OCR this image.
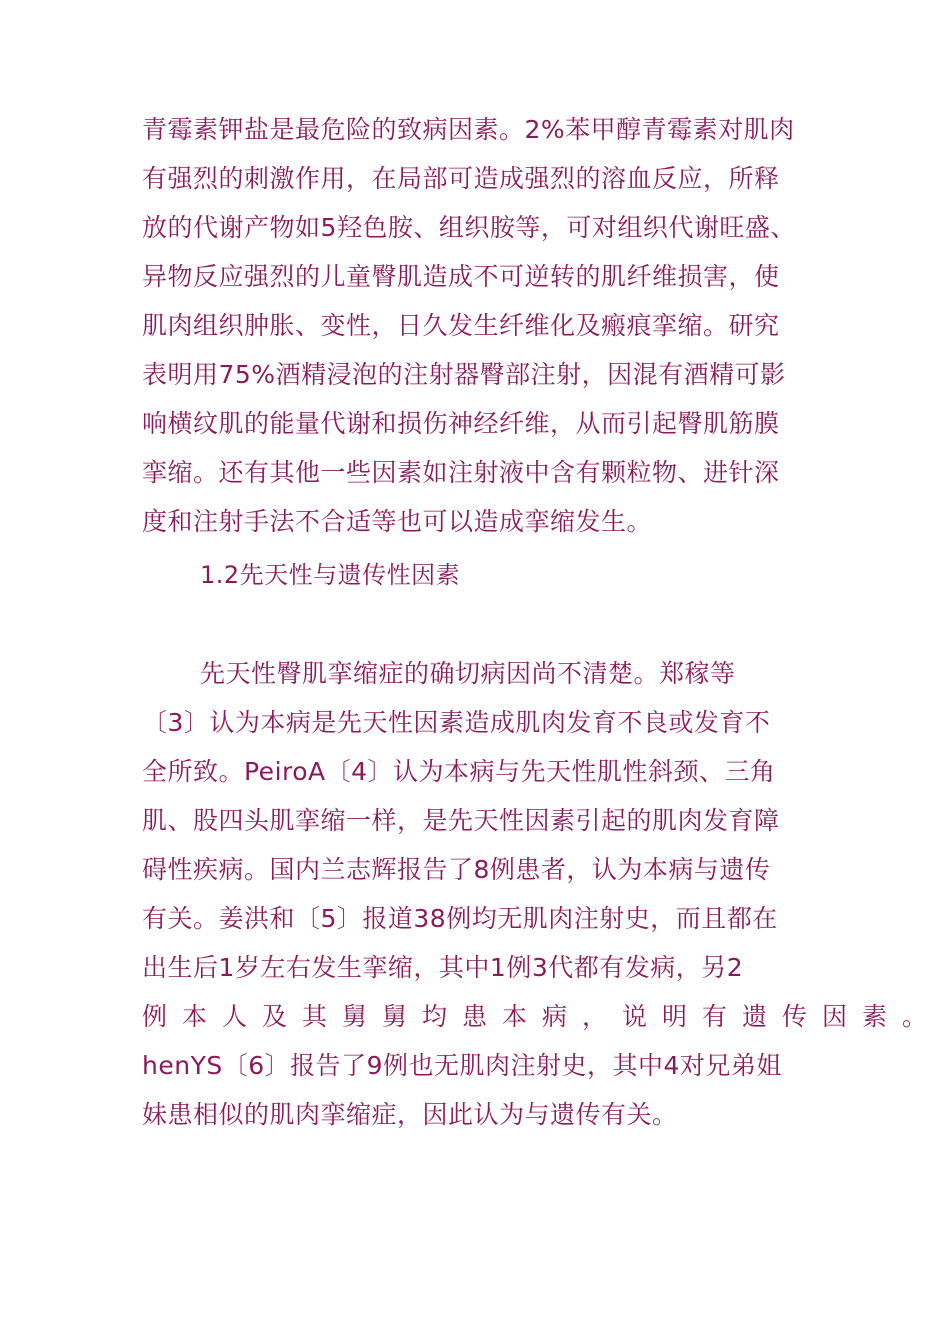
青霉素钾盐是最危险的致病因素。2%苯甲醇青霉素对肌肉
有强烈的刺激作用，在局部可造成强烈的溶血反应，所释
放的代谢产物如5羟色胺、组织胺等，可对组织代谢旺盛、
异物反应强烈的儿童臀肌造成不可逆转的肌纤维损害，使
肌肉组织肿胀、变性，日久发生纤维化及瘢痕挛缩。研究
表明用75%酒精浸泡的注射器臀部注射，因混有酒精可影
响横纹肌的能量代谢和损伤神经纤维，从而引起臀肌筋膜
挛缩。还有其他一些因素如注射液中含有颗粒物、进针深
度和注射手法不合适等也可以造成挛缩发生。
1.2先天性与遗传性因素
先天性臀肌挛缩症的确切病因尚不清楚。郑稼等
〔3〕认为本病是先天性因素造成肌肉发育不良或发育不
全所致。PeiroA〔4〕认为本病与先天性肌性斜颈、三角
肌、股四头肌挛缩一样，是先天性因素引起的肌肉发育障
碍性疾病。国内兰志辉报告了8例患者，认为本病与遗传
有关。姜洪和〔5〕报道38例均无肌肉注射史，而且都在
出生后1岁左右发生挛缩，其中1例3代都有发病，另2
例本人及其舅舅均患本病，说明有遗传因素。
henYS〔6〕报告了9例也无肌肉注射史，其中4对兄弟姐
妹患相似的肌肉挛缩症，因此认为与遗传有关。
